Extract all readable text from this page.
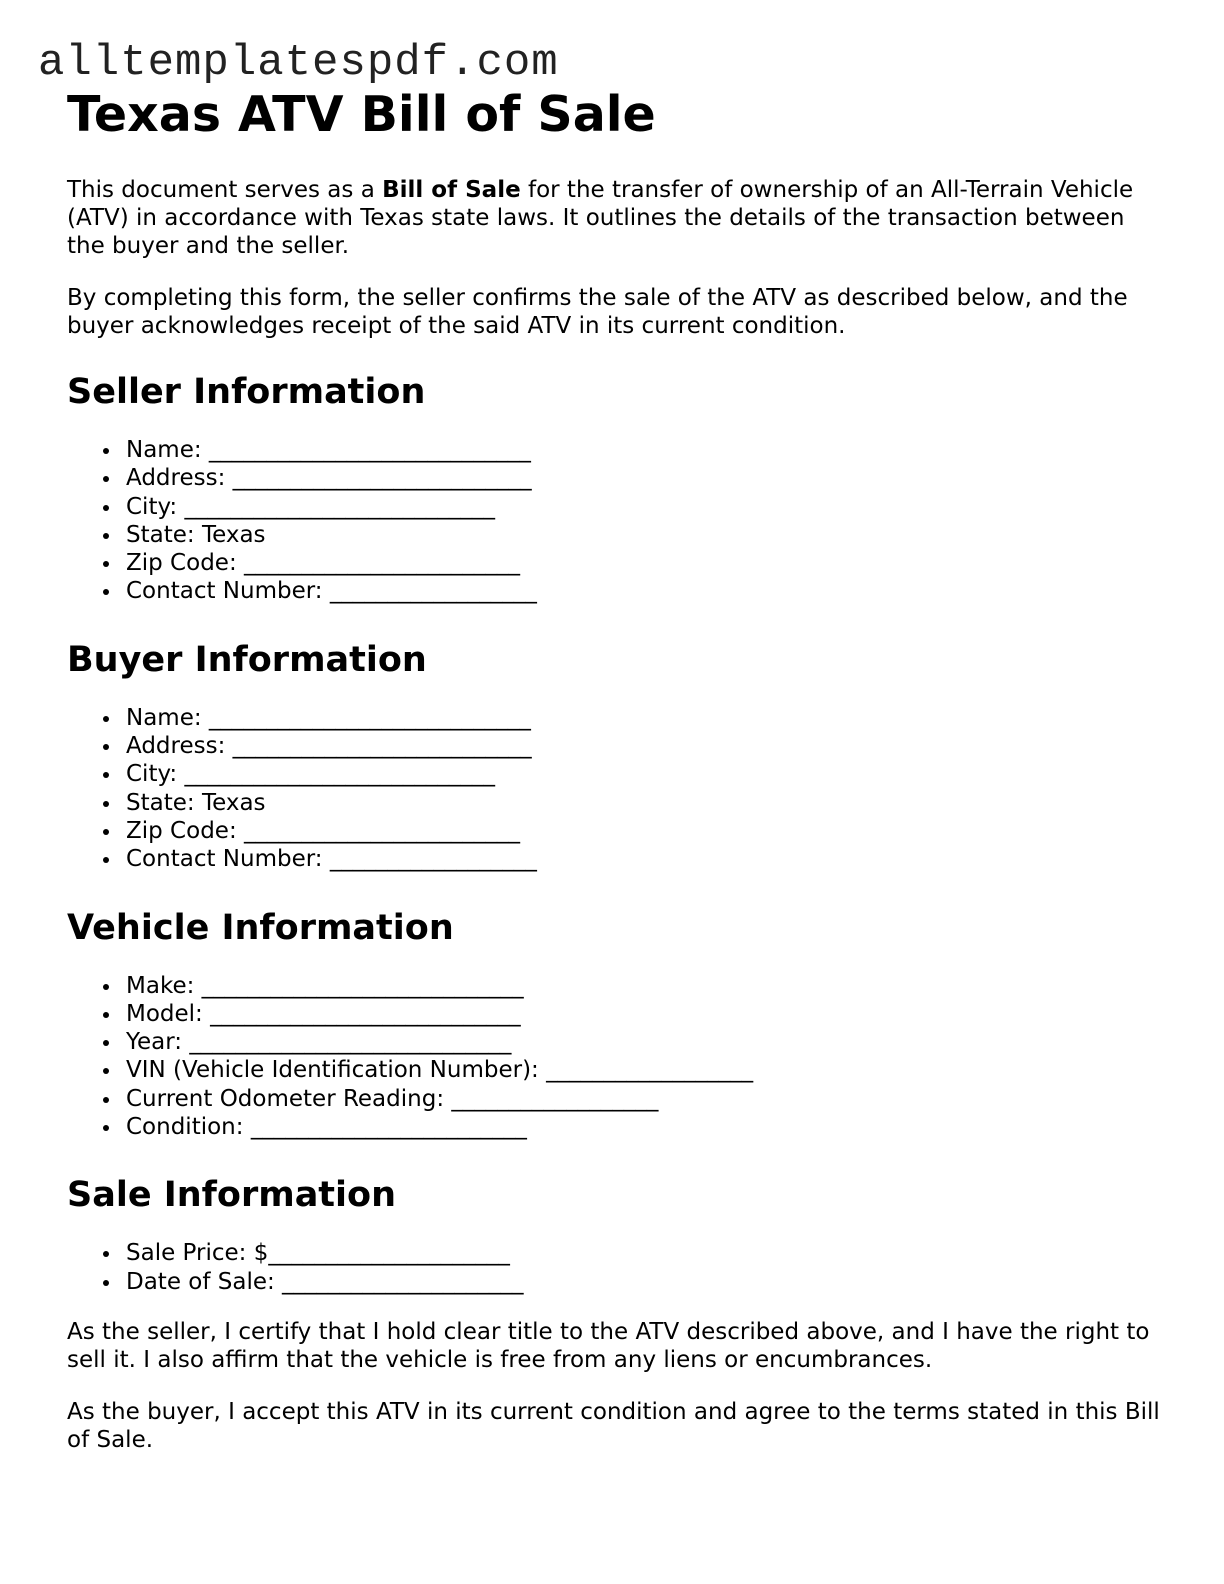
alltemplatespdf.com
Texas ATV Bill of Sale

This document serves as a Bill of Sale for the transfer of ownership of an All-Terrain Vehicle (ATV) in accordance with Texas state laws. It outlines the details of the transaction between the buyer and the seller.

By completing this form, the seller confirms the sale of the ATV as described below, and the buyer acknowledges receipt of the said ATV in its current condition.

Seller Information
Name: ____________________________
Address: __________________________
City: ___________________________
State: Texas
Zip Code: ________________________
Contact Number: __________________
Buyer Information
Name: ____________________________
Address: __________________________
City: ___________________________
State: Texas
Zip Code: ________________________
Contact Number: __________________
Vehicle Information
Make: ____________________________
Model: ___________________________
Year: ____________________________
VIN (Vehicle Identification Number): __________________
Current Odometer Reading: __________________
Condition: ________________________
Sale Information
Sale Price: $_____________________
Date of Sale: _____________________

As the seller, I certify that I hold clear title to the ATV described above, and I have the right to sell it. I also affirm that the vehicle is free from any liens or encumbrances.

As the buyer, I accept this ATV in its current condition and agree to the terms stated in this Bill of Sale.
